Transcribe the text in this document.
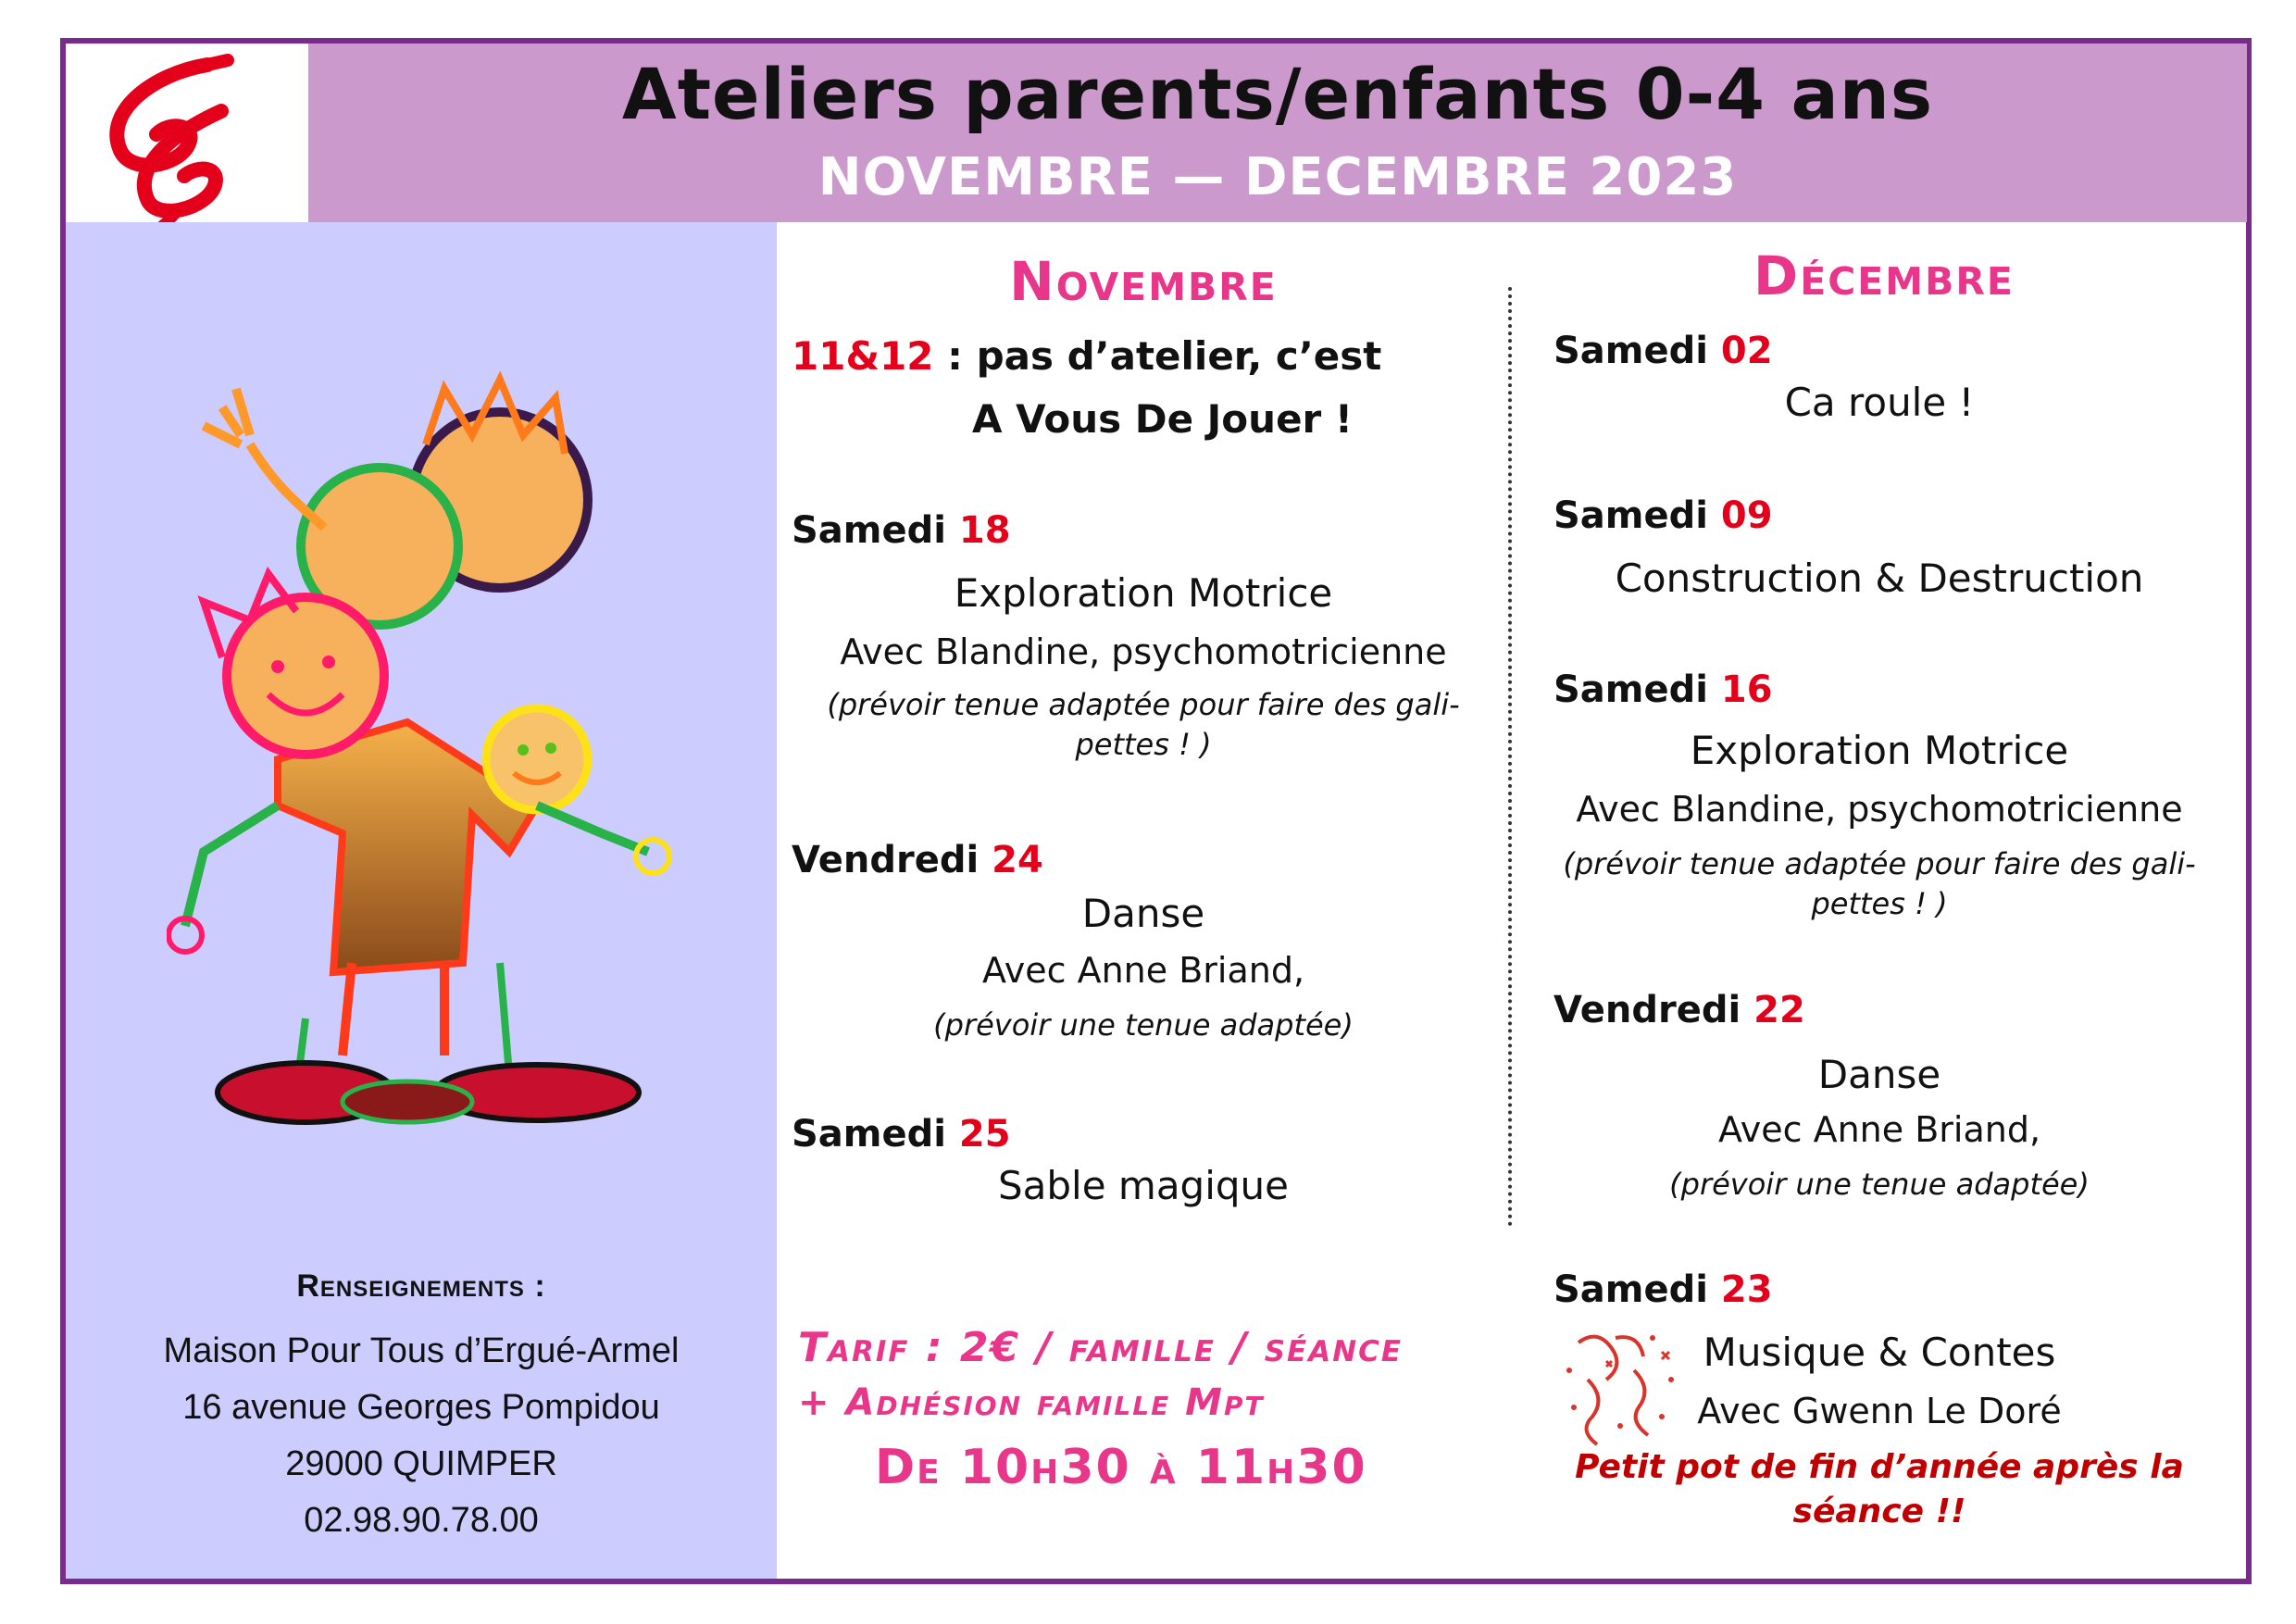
Ateliers parents/enfants 0-4 ans
NOVEMBRE — DECEMBRE 2023
Renseignements :
Maison Pour Tous d’Ergué-Armel
16 avenue Georges Pompidou
29000 QUIMPER
02.98.90.78.00
Novembre
11&12 : pas d’atelier, c’est
A Vous De Jouer !
Samedi 18
Exploration Motrice
Avec Blandine, psychomotricienne
(prévoir tenue adaptée pour faire des gali-
pettes ! )
Vendredi 24
Danse
Avec Anne Briand,
(prévoir une tenue adaptée)
Samedi 25
Sable magique
Tarif : 2€ / famille / séance
+ Adhésion famille Mpt
De 10h30 à 11h30
Décembre
Samedi 02
Ca roule !
Samedi 09
Construction & Destruction
Samedi 16
Exploration Motrice
Avec Blandine, psychomotricienne
(prévoir tenue adaptée pour faire des gali-
pettes ! )
Vendredi 22
Danse
Avec Anne Briand,
(prévoir une tenue adaptée)
Samedi 23
Musique & Contes
Avec Gwenn Le Doré
Petit pot de fin d’année après la
séance !!
